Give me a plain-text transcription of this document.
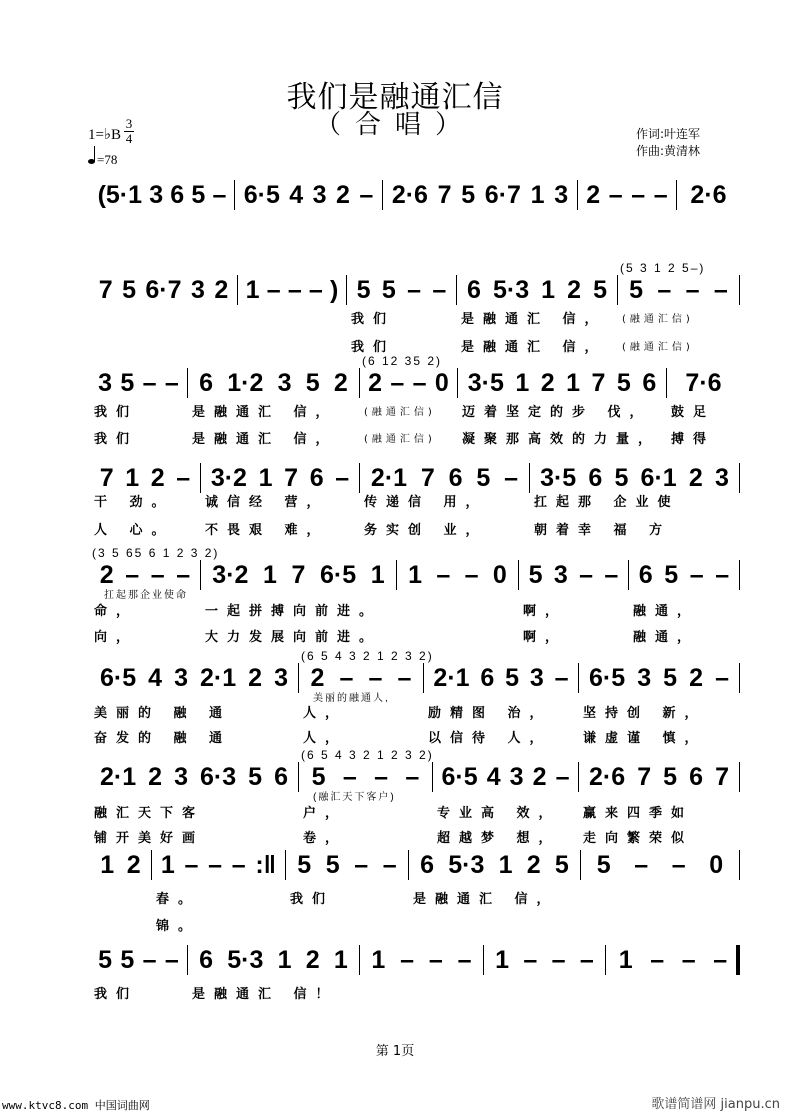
我们是融通汇信
（合唱）
1=♭B $\frac{3}{4}$
=78
作词:叶连军
作曲:黄清林
(5·1 3 6 5 – 6·5 4 3 2 – 2·6 7 5 6·7 1 3 2 – – – 2·6
7 5 6·7 3 2 1 – – – ) 5 5 – –
我们
我们
6 5·3 1 2 5
是融通汇 信，
是融通汇 信，
5 – – –
(融通汇信)
(融通汇信)
(5 3 1 2 5–)
3 5 – –
我们
我们
6 1·2 3 5 2
是融通汇 信，
是融通汇 信，
2 – – 0
(融通汇信)
(融通汇信)
(6 12 35 2)
3·5 1 2 1 7 5 6
迈着坚定的步 伐，
凝聚那高效的力量，
7·6
鼓足
搏得
7 1 2 –
干 劲。
人 心。
3·2 1 7 6 –
诚信经 营，
不畏艰 难，
2·1 7 6 5 –
传递信 用，
务实创 业，
3·5 6 5 6·1 2 3
扛起那 企业使
朝着幸 福 方
2 – – –
命，
向，
(3 5 65 6 1 2 3 2)
扛起那企业使命
3·2 1 7 6·5 1
一起拼搏向前进。
大力发展向前进。
1 – – 0 5 3 – –
啊，
啊，
6 5 – –
融通，
融通，
6·5 4 3 2·1 2 3
美丽的 融 通
奋发的 融 通
2 – – –
人，
人，
(6 5 4 3 2 1 2 3 2)
美丽的融通人,
2·1 6 5 3 –
励精图 治，
以信待 人，
6·5 3 5 2 –
坚持创 新，
谦虚谨 慎，
2·1 2 3 6·3 5 6
融汇天下客
铺开美好画
5 – – –
户，
卷，
(6 5 4 3 2 1 2 3 2)
(融汇天下客户)
6·5 4 3 2 –
专业高 效，
超越梦 想，
2·6 7 5 6 7
赢来四季如
走向繁荣似
1 2 1 – – – :‖
春。
锦。
5 5 – –
我们
6 5·3 1 2 5
是融通汇 信，
5 – – 0
5 5 – –
我们
6 5·3 1 2 1
是融通汇 信！
1 – – – 1 – – – 1 – – –
第 1页
www.ktvc8.com 中国词曲网	歌谱简谱网 jianpu.cn
